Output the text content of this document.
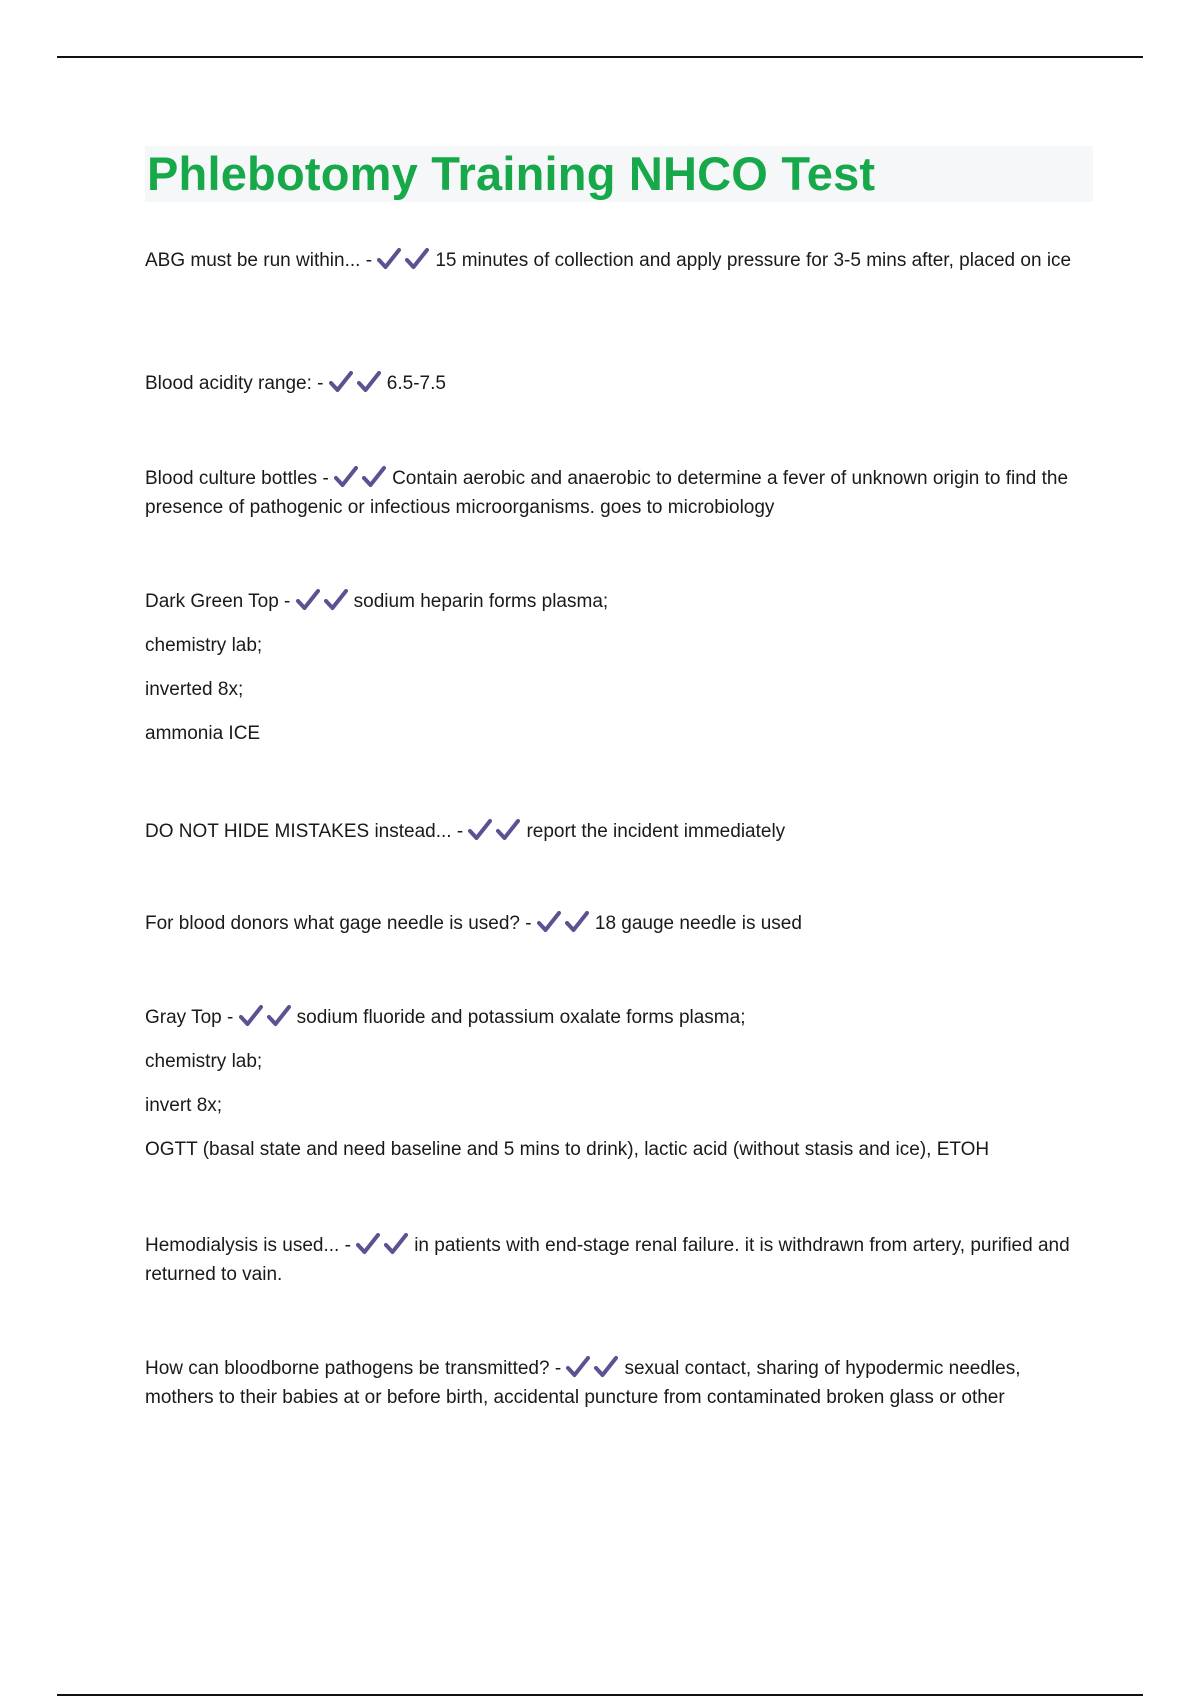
Phlebotomy Training NHCO Test

ABG must be run within... -	15 minutes of collection and apply pressure for 3-5 mins after, placed on ice

Blood acidity range: -	6.5-7.5

Blood culture bottles -	Contain aerobic and anaerobic to determine a fever of unknown origin to find the presence of pathogenic or infectious microorganisms. goes to microbiology

Dark Green Top -	sodium heparin forms plasma;

chemistry lab;

inverted 8x;

ammonia ICE

DO NOT HIDE MISTAKES instead... -	report the incident immediately

For blood donors what gage needle is used? -	18 gauge needle is used

Gray Top -	sodium fluoride and potassium oxalate forms plasma;

chemistry lab;

invert 8x;

OGTT (basal state and need baseline and 5 mins to drink), lactic acid (without stasis and ice), ETOH

Hemodialysis is used... -	in patients with end-stage renal failure. it is withdrawn from artery, purified and returned to vain.

How can bloodborne pathogens be transmitted? -	sexual contact, sharing of hypodermic needles, mothers to their babies at or before birth, accidental puncture from contaminated broken glass or other
